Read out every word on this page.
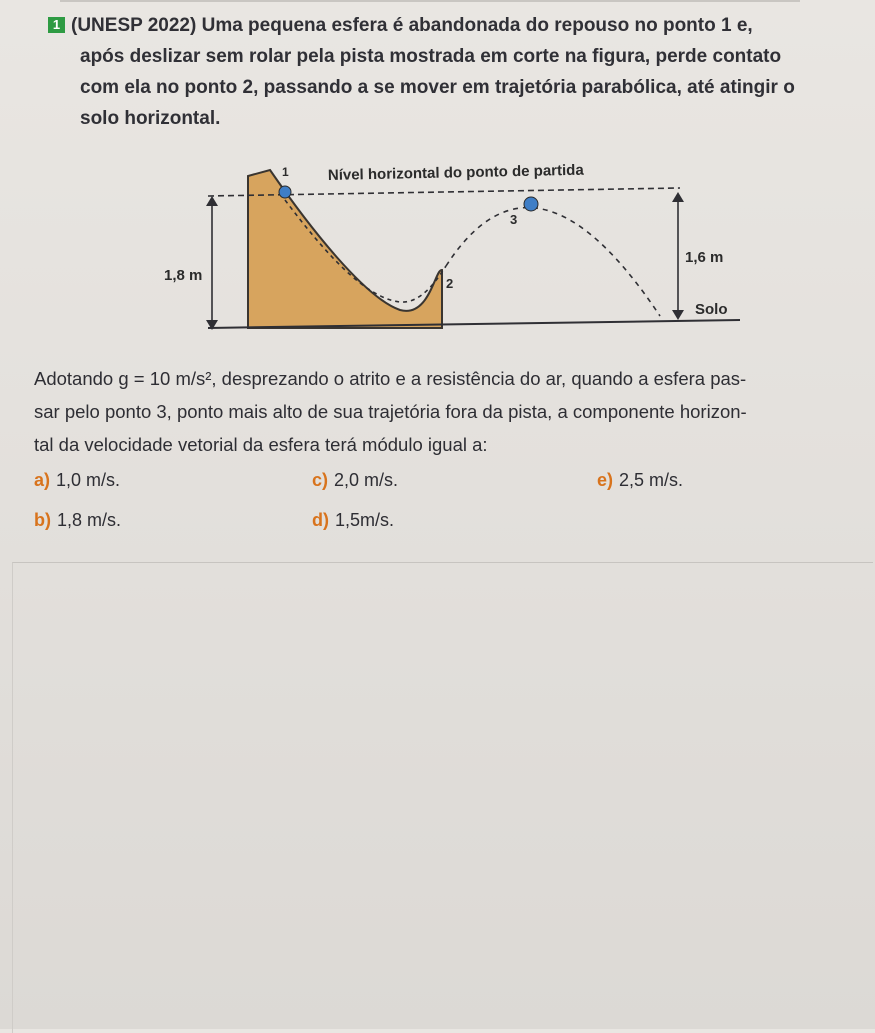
1 (UNESP 2022) Uma pequena esfera é abandonada do repouso no ponto 1 e,

após deslizar sem rolar pela pista mostrada em corte na figura, perde contato

com ela no ponto 2, passando a se mover em trajetória parabólica, até atingir o

solo horizontal.

1
2
3
Nível horizontal do ponto de partida
1,8 m
1,6 m
Solo

Adotando g = 10 m/s², desprezando o atrito e a resistência do ar, quando a esfera pas-

sar pelo ponto 3, ponto mais alto de sua trajetória fora da pista, a componente horizon-

tal da velocidade vetorial da esfera terá módulo igual a:

a) 1,0 m/s.
b) 1,8 m/s.
c) 2,0 m/s.
d) 1,5m/s.
e) 2,5 m/s.
